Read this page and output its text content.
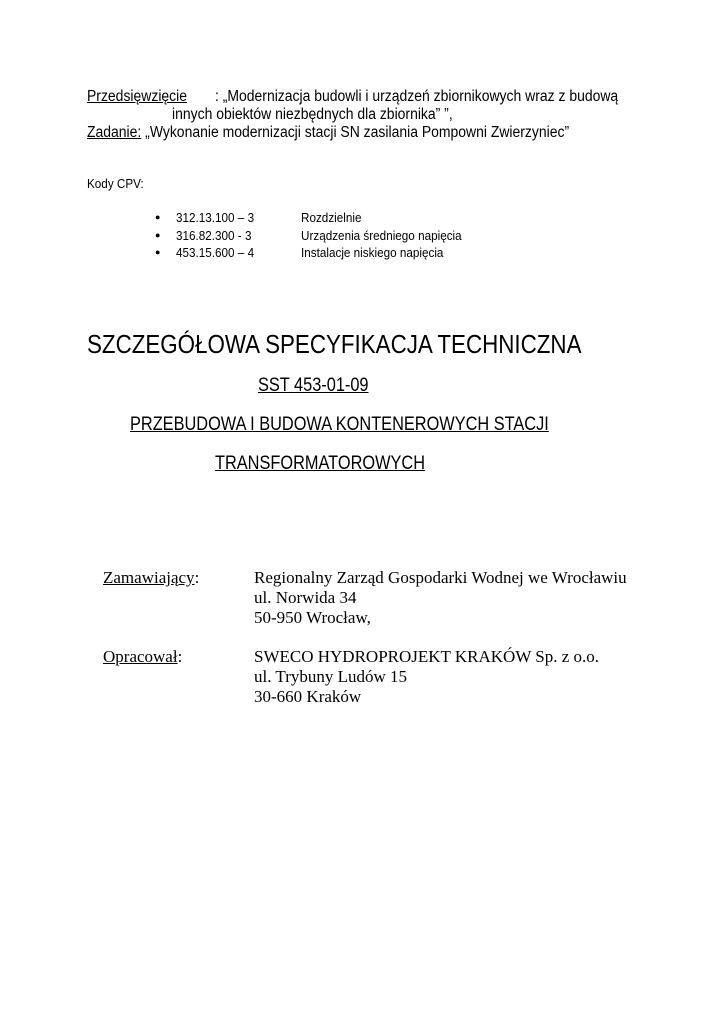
Przedsięwzięcie : „Modernizacja budowli i urządzeń zbiornikowych wraz z budową
innych obiektów niezbędnych dla zbiornika” ”,
Zadanie: „Wykonanie modernizacji stacji SN zasilania Pompowni Zwierzyniec”
Kody CPV:
● 312.13.100 – 3	Rozdzielnie
● 316.82.300 - 3	Urządzenia średniego napięcia
● 453.15.600 – 4	Instalacje niskiego napięcia
SZCZEGÓŁOWA SPECYFIKACJA TECHNICZNA
SST 453-01-09
PRZEBUDOWA I BUDOWA KONTENEROWYCH STACJI
TRANSFORMATOROWYCH
Zamawiający:	Regionalny Zarząd Gospodarki Wodnej we Wrocławiu
ul. Norwida 34
50-950 Wrocław,
Opracował:	SWECO HYDROPROJEKT KRAKÓW Sp. z o.o.
ul. Trybuny Ludów 15
30-660 Kraków
